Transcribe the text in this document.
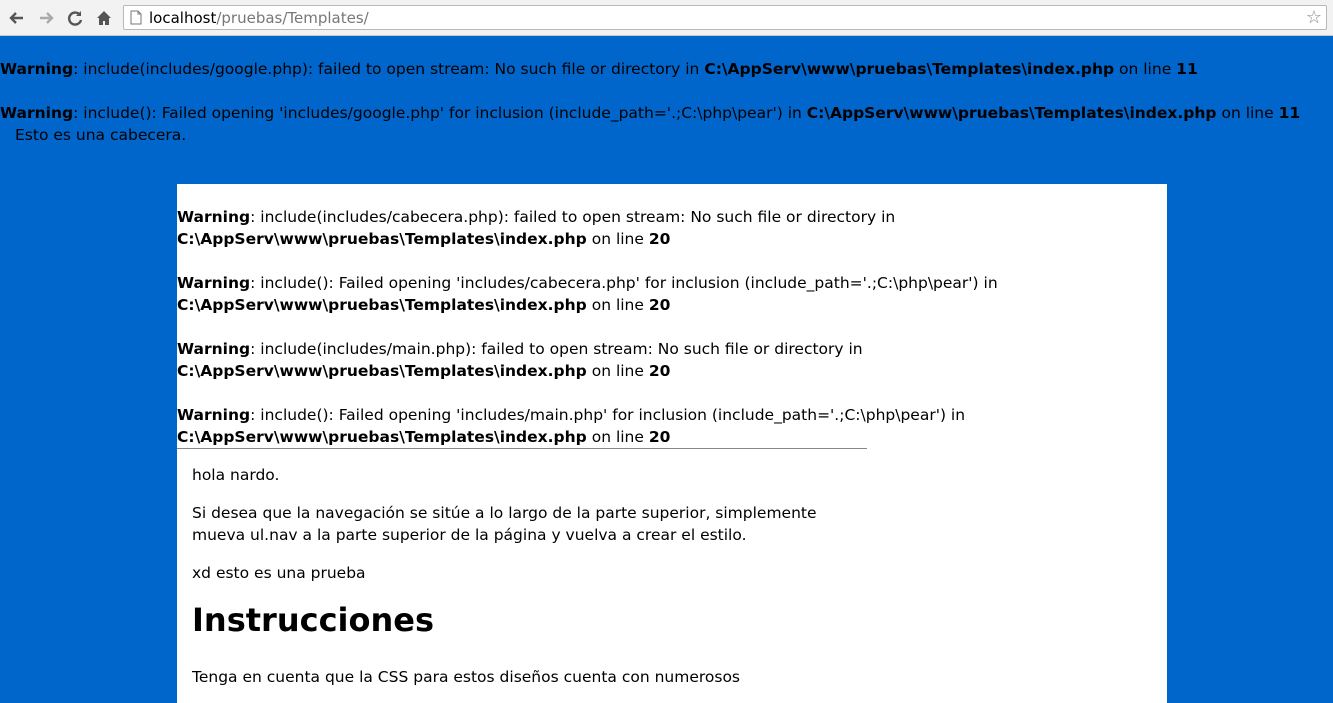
localhost/pruebas/Templates/	☆

Warning: include(includes/google.php): failed to open stream: No such file or directory in C:\AppServ\www\pruebas\Templates\index.php on line 11

Warning: include(): Failed opening 'includes/google.php' for inclusion (include_path='.;C:\php\pear') in C:\AppServ\www\pruebas\Templates\index.php on line 11

Esto es una cabecera.

Warning: include(includes/cabecera.php): failed to open stream: No such file or directory in
C:\AppServ\www\pruebas\Templates\index.php on line 20

Warning: include(): Failed opening 'includes/cabecera.php' for inclusion (include_path='.;C:\php\pear') in
C:\AppServ\www\pruebas\Templates\index.php on line 20

Warning: include(includes/main.php): failed to open stream: No such file or directory in
C:\AppServ\www\pruebas\Templates\index.php on line 20

Warning: include(): Failed opening 'includes/main.php' for inclusion (include_path='.;C:\php\pear') in
C:\AppServ\www\pruebas\Templates\index.php on line 20

hola nardo.

Si desea que la navegación se sitúe a lo largo de la parte superior, simplemente
mueva ul.nav a la parte superior de la página y vuelva a crear el estilo.

xd esto es una prueba

Instrucciones

Tenga en cuenta que la CSS para estos diseños cuenta con numerosos
